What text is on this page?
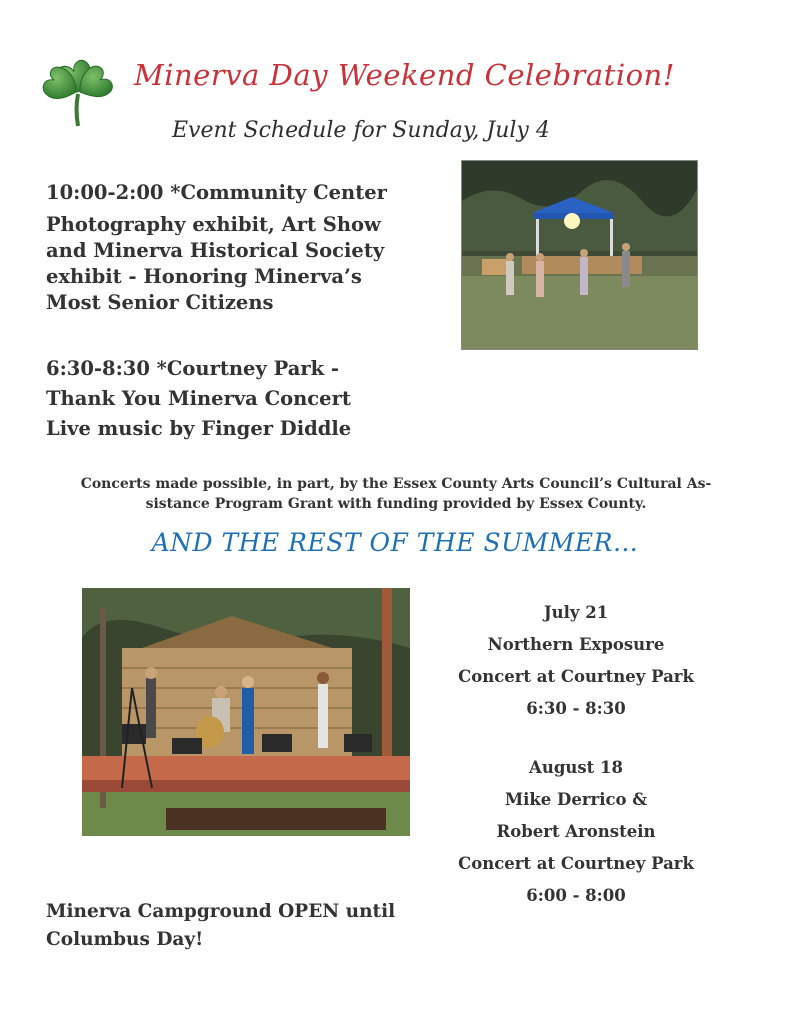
Minerva Day Weekend Celebration!
Event Schedule for Sunday, July 4
10:00-2:00 *Community Center
Photography exhibit, Art Show
and Minerva Historical Society
exhibit - Honoring Minerva’s
Most Senior Citizens
6:30-8:30 *Courtney Park -
Thank You Minerva Concert
Live music by Finger Diddle
Concerts made possible, in part, by the Essex County Arts Council’s Cultural As-
sistance Program Grant with funding provided by Essex County.
AND THE REST OF THE SUMMER…
July 21
Northern Exposure
Concert at Courtney Park
6:30 - 8:30
August 18
Mike Derrico &
Robert Aronstein
Concert at Courtney Park
6:00 - 8:00
Minerva Campground OPEN until
Columbus Day!
